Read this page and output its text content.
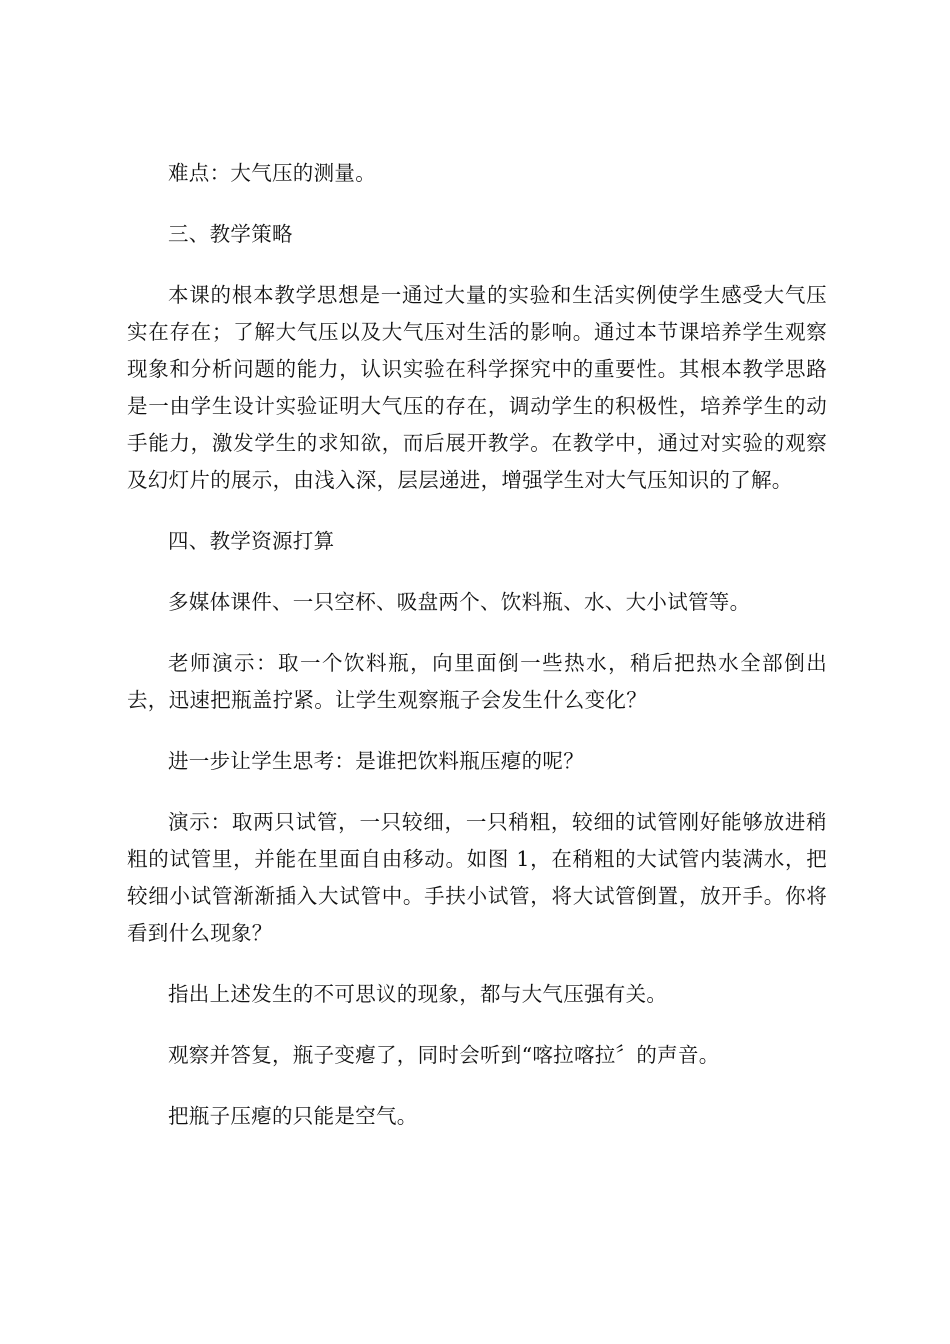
难点：大气压的测量。

三、教学策略

本课的根本教学思想是一通过大量的实验和生活实例使学生感受大气压实在存在；了解大气压以及大气压对生活的影响。通过本节课培养学生观察现象和分析问题的能力，认识实验在科学探究中的重要性。其根本教学思路是一由学生设计实验证明大气压的存在，调动学生的积极性，培养学生的动手能力，激发学生的求知欲，而后展开教学。在教学中，通过对实验的观察及幻灯片的展示，由浅入深，层层递进，增强学生对大气压知识的了解。

四、教学资源打算

多媒体课件、一只空杯、吸盘两个、饮料瓶、水、大小试管等。

老师演示：取一个饮料瓶，向里面倒一些热水，稍后把热水全部倒出去，迅速把瓶盖拧紧。让学生观察瓶子会发生什么变化？

进一步让学生思考：是谁把饮料瓶压瘪的呢？

演示：取两只试管，一只较细，一只稍粗，较细的试管刚好能够放进稍粗的试管里，并能在里面自由移动。如图 1，在稍粗的大试管内装满水，把较细小试管渐渐插入大试管中。手扶小试管，将大试管倒置，放开手。你将看到什么现象？

指出上述发生的不可思议的现象，都与大气压强有关。

观察并答复，瓶子变瘪了，同时会听到“喀拉喀拉〞的声音。

把瓶子压瘪的只能是空气。
